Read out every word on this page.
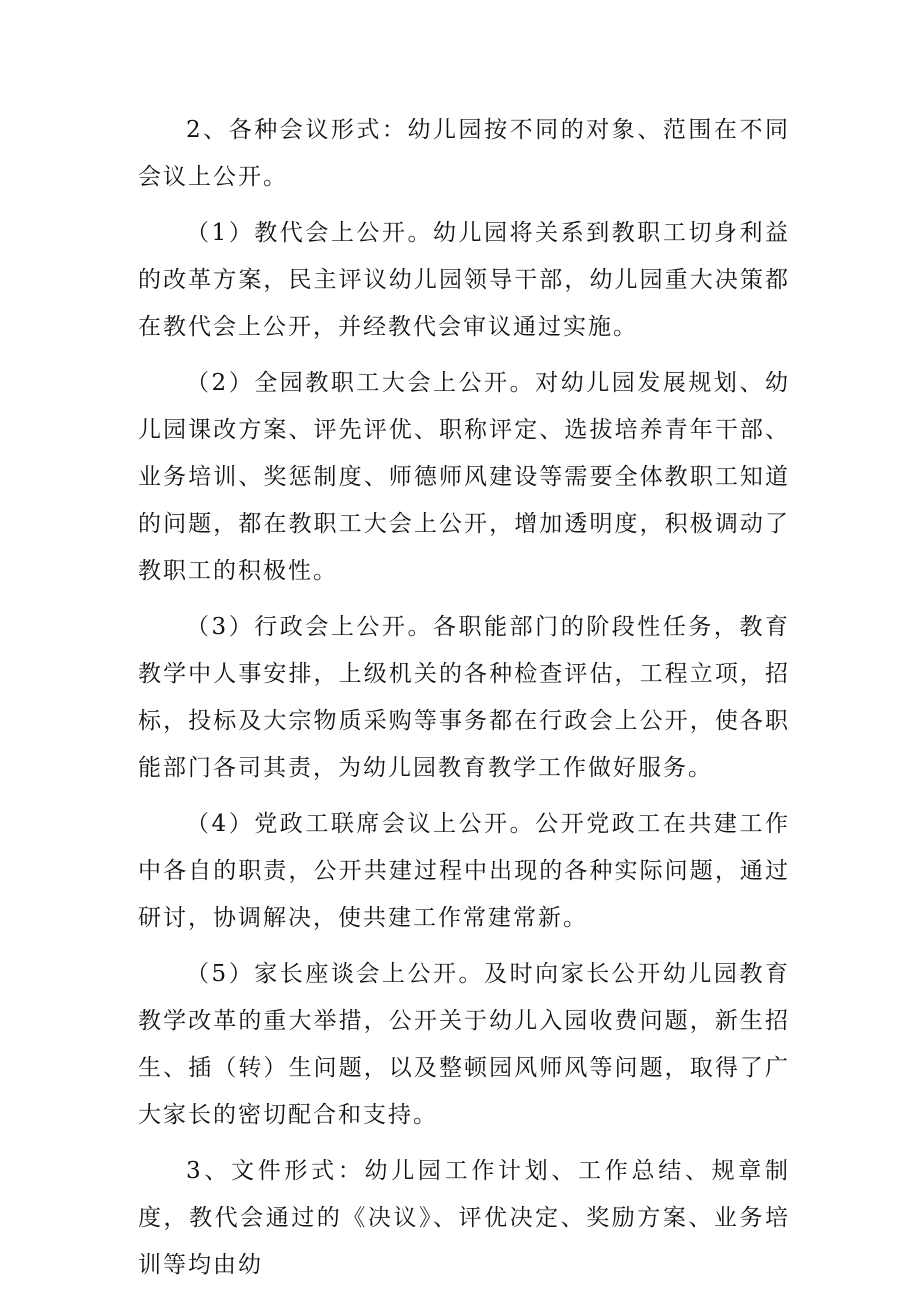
2、各种会议形式：幼儿园按不同的对象、范围在不同会议上公开。

（1）教代会上公开。幼儿园将关系到教职工切身利益的改革方案，民主评议幼儿园领导干部，幼儿园重大决策都在教代会上公开，并经教代会审议通过实施。

（2）全园教职工大会上公开。对幼儿园发展规划、幼儿园课改方案、评先评优、职称评定、选拔培养青年干部、业务培训、奖惩制度、师德师风建设等需要全体教职工知道的问题，都在教职工大会上公开，增加透明度，积极调动了教职工的积极性。

（3）行政会上公开。各职能部门的阶段性任务，教育教学中人事安排，上级机关的各种检查评估，工程立项，招标，投标及大宗物质采购等事务都在行政会上公开，使各职能部门各司其责，为幼儿园教育教学工作做好服务。

（4）党政工联席会议上公开。公开党政工在共建工作中各自的职责，公开共建过程中出现的各种实际问题，通过研讨，协调解决，使共建工作常建常新。

（5）家长座谈会上公开。及时向家长公开幼儿园教育教学改革的重大举措，公开关于幼儿入园收费问题，新生招生、插（转）生问题，以及整顿园风师风等问题，取得了广大家长的密切配合和支持。

3、文件形式：幼儿园工作计划、工作总结、规章制度，教代会通过的《决议》、评优决定、奖励方案、业务培训等均由幼
